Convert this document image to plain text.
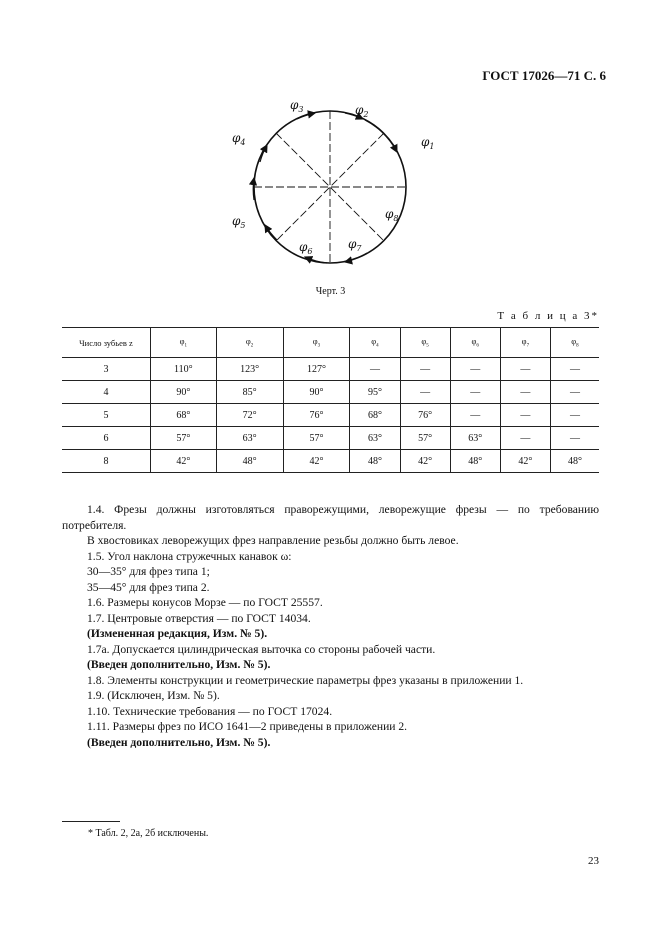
ГОСТ 17026—71 С. 6
$\varphi_1$
$\varphi_2$
$\varphi_3$
$\varphi_4$
$\varphi_5$
$\varphi_6$
$\varphi_7$
$\varphi_8$
Черт. 3
Т а б л и ц а 3*
Число зубьев z	$\varphi_1$	$\varphi_2$	$\varphi_3$	$\varphi_4$	$\varphi_5$	$\varphi_6$	$\varphi_7$	$\varphi_8$
3	110°	123°	127°	—	—	—	—	—
4	90°	85°	90°	95°	—	—	—	—
5	68°	72°	76°	68°	76°	—	—	—
6	57°	63°	57°	63°	57°	63°	—	—
8	42°	48°	42°	48°	42°	48°	42°	48°

1.4. Фрезы должны изготовляться праворежущими, леворежущие фрезы — по требованию потребителя.

В хвостовиках леворежущих фрез направление резьбы должно быть левое.

1.5. Угол наклона стружечных канавок ω:

30—35° для фрез типа 1;

35—45° для фрез типа 2.

1.6. Размеры конусов Морзе — по ГОСТ 25557.

1.7. Центровые отверстия — по ГОСТ 14034.

(Измененная редакция, Изм. № 5).

1.7а. Допускается цилиндрическая выточка со стороны рабочей части.

(Введен дополнительно, Изм. № 5).

1.8. Элементы конструкции и геометрические параметры фрез указаны в приложении 1.

1.9. (Исключен, Изм. № 5).

1.10. Технические требования — по ГОСТ 17024.

1.11. Размеры фрез по ИСО 1641—2 приведены в приложении 2.

(Введен дополнительно, Изм. № 5).

* Табл. 2, 2а, 2б исключены.
23
